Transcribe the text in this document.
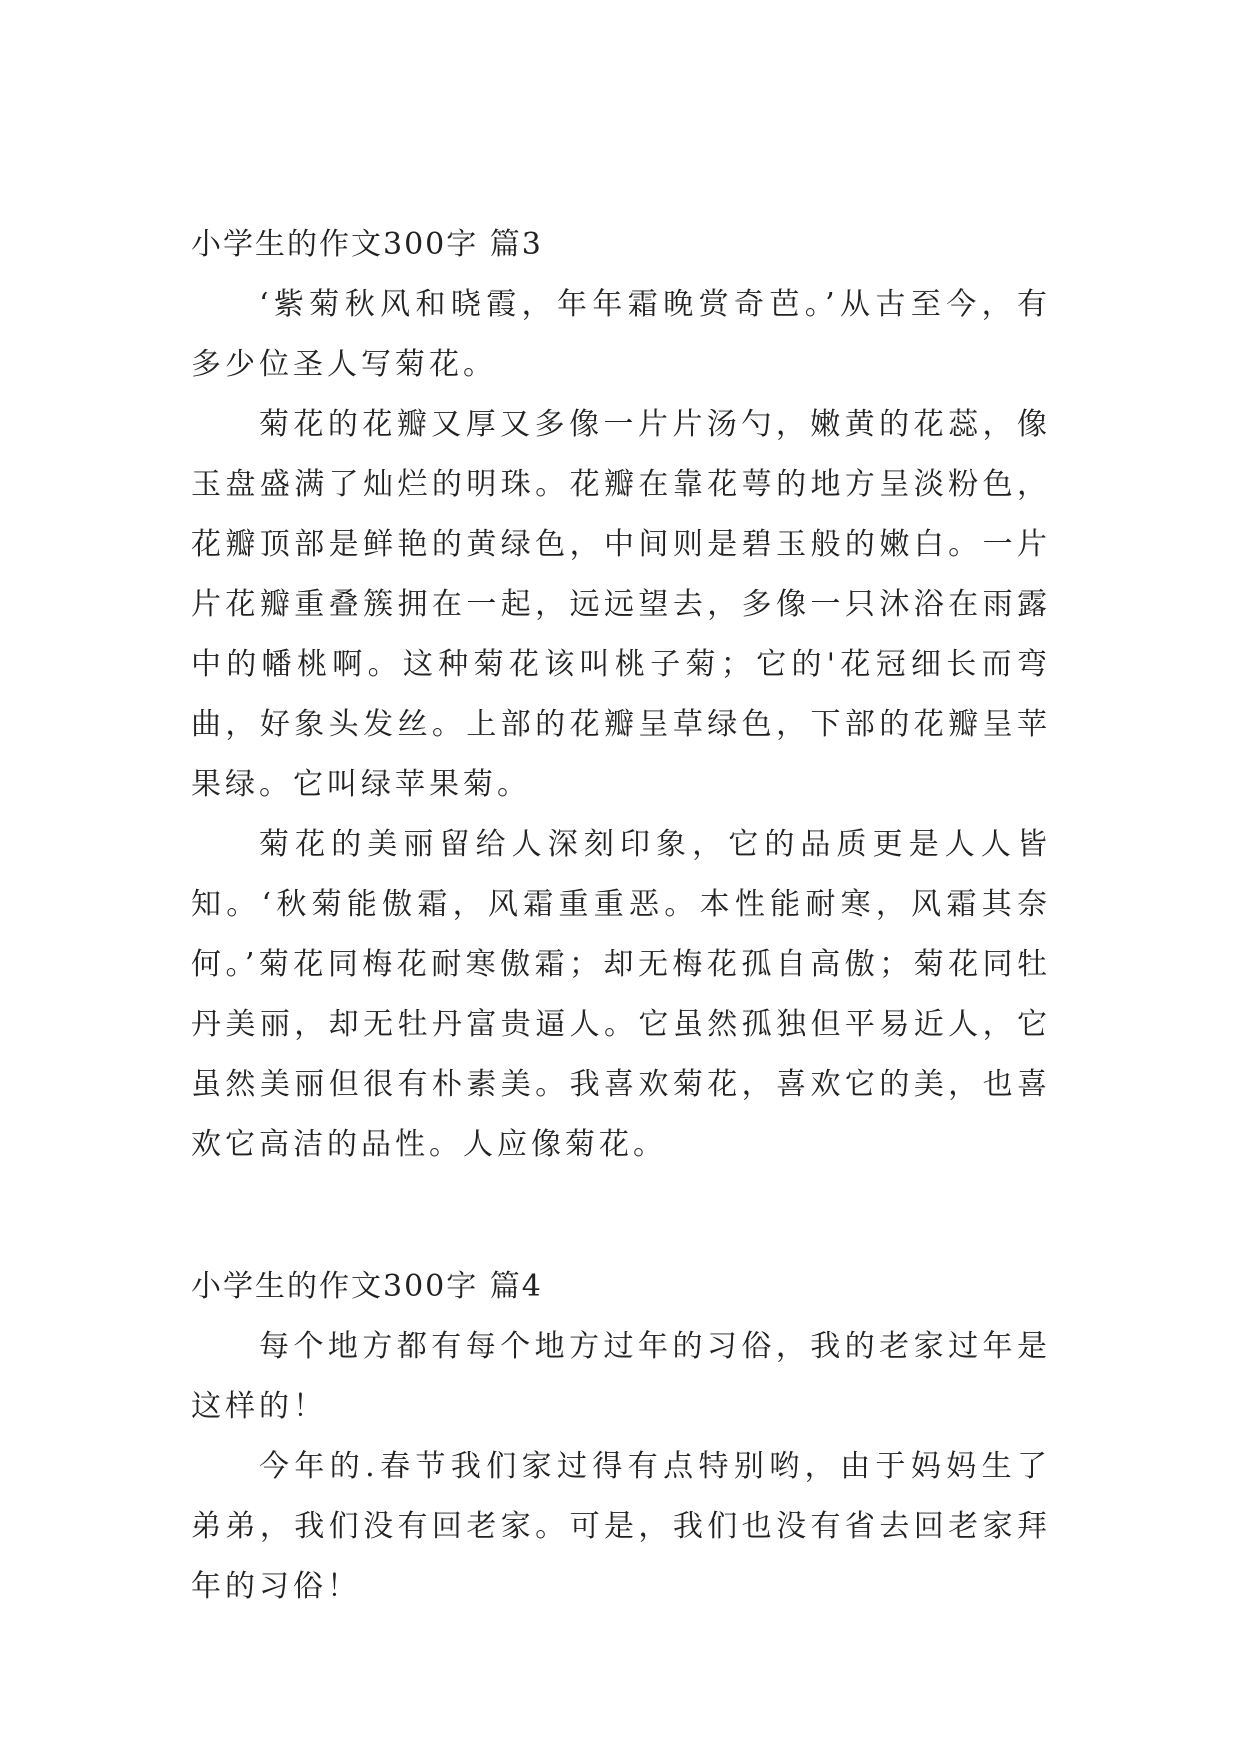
小学生的作文300字 篇3

‘紫菊秋风和晓霞，年年霜晚赏奇芭。’从古至今，有多少位圣人写菊花。

菊花的花瓣又厚又多像一片片汤勺，嫩黄的花蕊，像玉盘盛满了灿烂的明珠。花瓣在靠花萼的地方呈淡粉色，花瓣顶部是鲜艳的黄绿色，中间则是碧玉般的嫩白。一片片花瓣重叠簇拥在一起，远远望去，多像一只沐浴在雨露中的幡桃啊。这种菊花该叫桃子菊；它的'花冠细长而弯曲，好象头发丝。上部的花瓣呈草绿色，下部的花瓣呈苹果绿。它叫绿苹果菊。

菊花的美丽留给人深刻印象，它的品质更是人人皆知。‘秋菊能傲霜，风霜重重恶。本性能耐寒，风霜其奈何。’菊花同梅花耐寒傲霜；却无梅花孤自高傲；菊花同牡丹美丽，却无牡丹富贵逼人。它虽然孤独但平易近人，它虽然美丽但很有朴素美。我喜欢菊花，喜欢它的美，也喜欢它高洁的品性。人应像菊花。

小学生的作文300字 篇4

每个地方都有每个地方过年的习俗，我的老家过年是这样的！

今年的.春节我们家过得有点特别哟，由于妈妈生了弟弟，我们没有回老家。可是，我们也没有省去回老家拜年的习俗！
